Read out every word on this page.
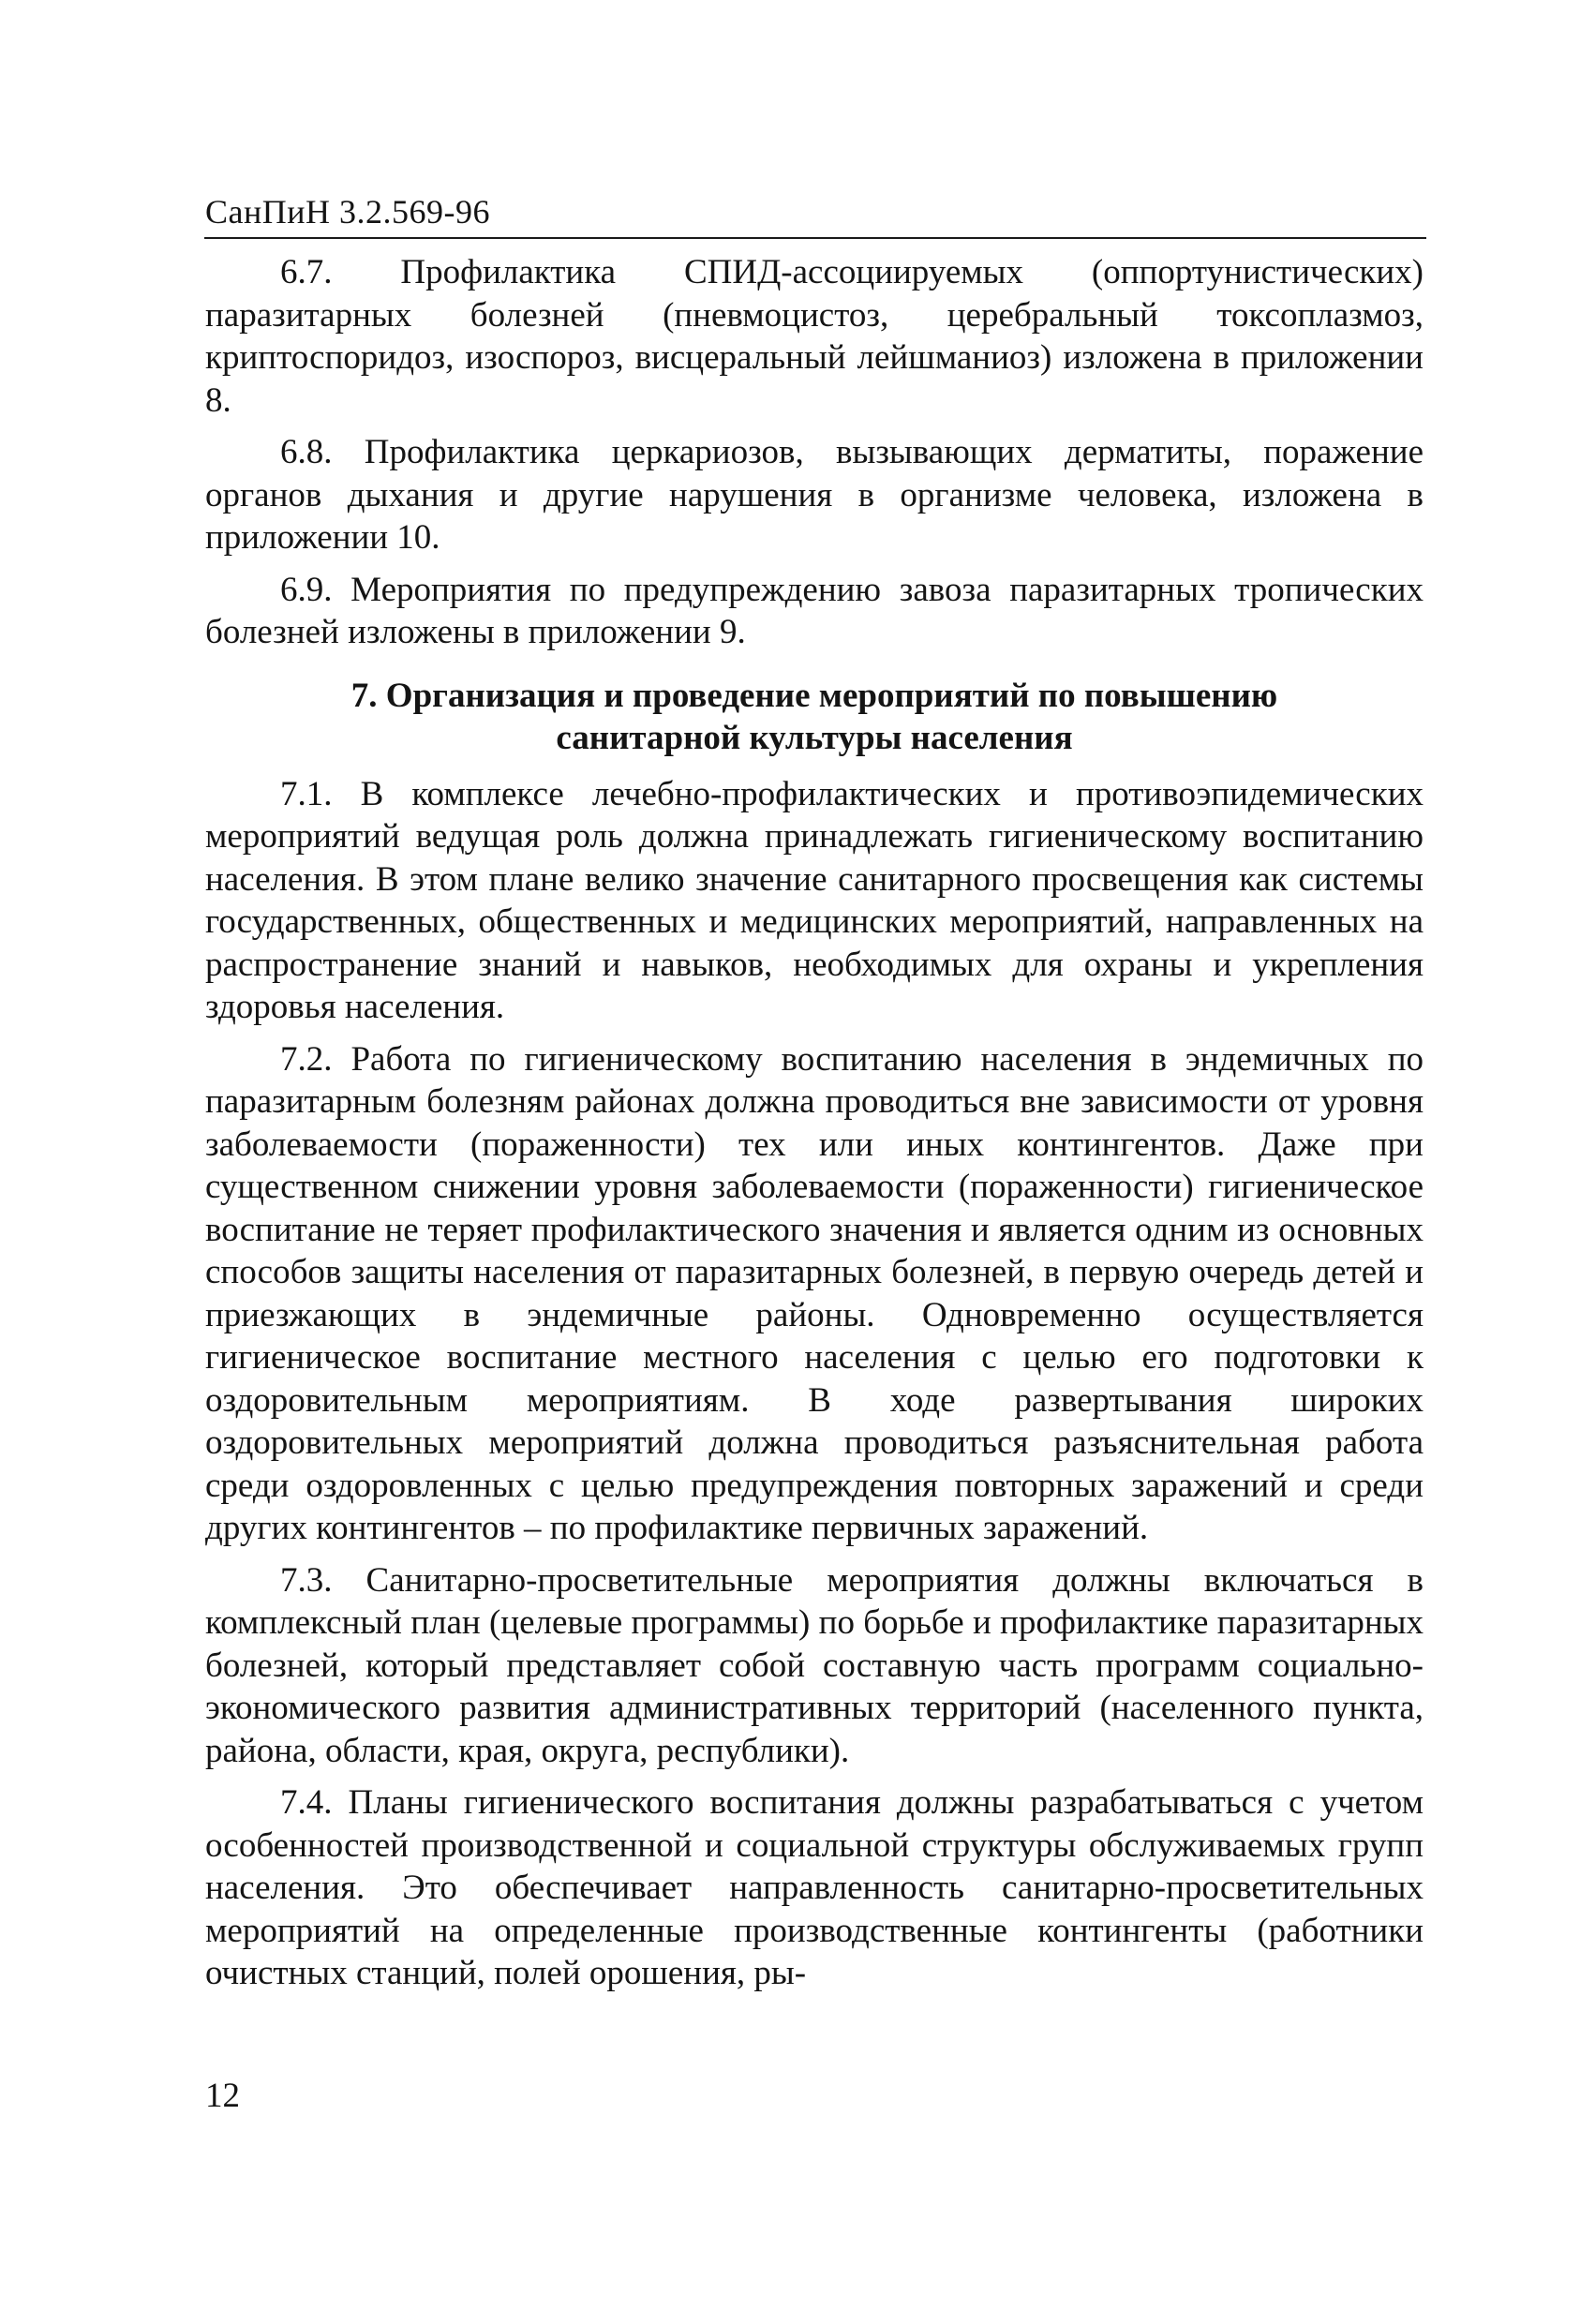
СанПиН 3.2.569-96

6.7. Профилактика СПИД-ассоциируемых (оппортунистических) паразитарных болезней (пневмоцистоз, церебральный токсоплазмоз, криптоспоридоз, изоспороз, висцеральный лейшманиоз) изложена в приложении 8.

6.8. Профилактика церкариозов, вызывающих дерматиты, поражение органов дыхания и другие нарушения в организме человека, изложена в приложении 10.

6.9. Мероприятия по предупреждению завоза паразитарных тропических болезней изложены в приложении 9.

7. Организация и проведение мероприятий по повышению санитарной культуры населения

7.1. В комплексе лечебно-профилактических и противоэпидемических мероприятий ведущая роль должна принадлежать гигиеническому воспитанию населения. В этом плане велико значение санитарного просвещения как системы государственных, общественных и медицинских мероприятий, направленных на распространение знаний и навыков, необходимых для охраны и укрепления здоровья населения.

7.2. Работа по гигиеническому воспитанию населения в эндемичных по паразитарным болезням районах должна проводиться вне зависимости от уровня заболеваемости (пораженности) тех или иных контингентов. Даже при существенном снижении уровня заболеваемости (пораженности) гигиеническое воспитание не теряет профилактического значения и является одним из основных способов защиты населения от паразитарных болезней, в первую очередь детей и приезжающих в эндемичные районы. Одновременно осуществляется гигиеническое воспитание местного населения с целью его подготовки к оздоровительным мероприятиям. В ходе развертывания широких оздоровительных мероприятий должна проводиться разъяснительная работа среди оздоровленных с целью предупреждения повторных заражений и среди других контингентов – по профилактике первичных заражений.

7.3. Санитарно-просветительные мероприятия должны включаться в комплексный план (целевые программы) по борьбе и профилактике паразитарных болезней, который представляет собой составную часть программ социально-экономического развития административных территорий (населенного пункта, района, области, края, округа, республики).

7.4. Планы гигиенического воспитания должны разрабатываться с учетом особенностей производственной и социальной структуры обслуживаемых групп населения. Это обеспечивает направленность санитарно-просветительных мероприятий на определенные производственные контингенты (работники очистных станций, полей орошения, ры-

12
